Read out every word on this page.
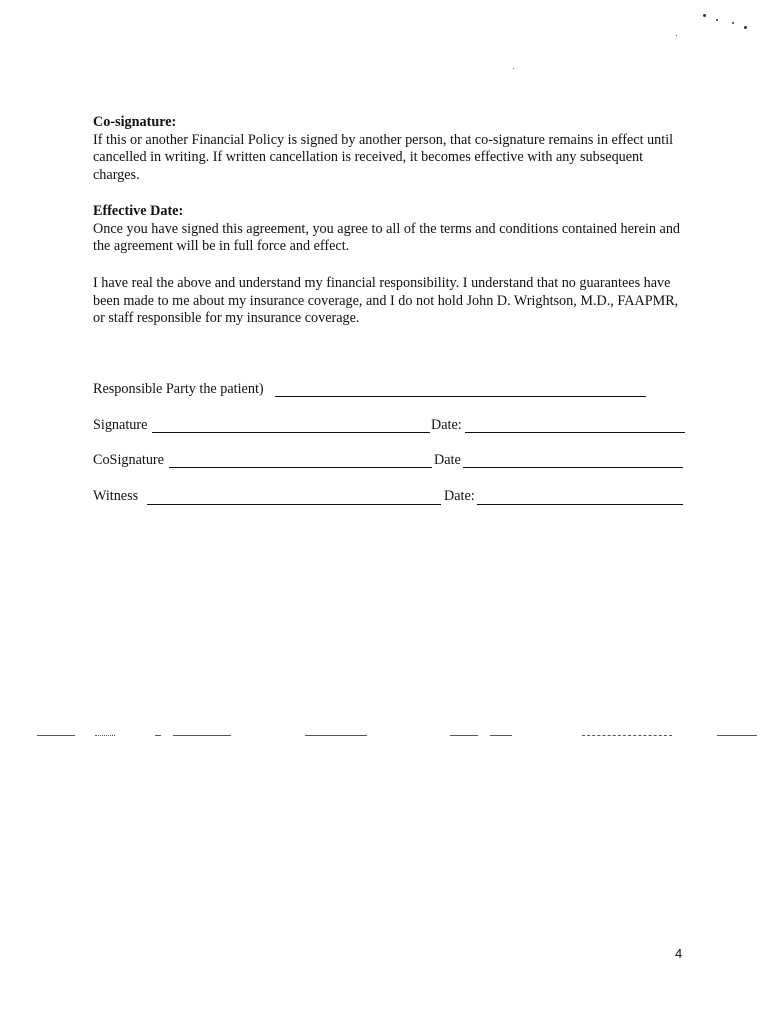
Co-signature:
If this or another Financial Policy is signed by another person, that co-signature remains in effect until cancelled in writing. If written cancellation is received, it becomes effective with any subsequent charges.
Effective Date:
Once you have signed this agreement, you agree to all of the terms and conditions contained herein and the agreement will be in full force and effect.
I have real the above and understand my financial responsibility. I understand that no guarantees have been made to me about my insurance coverage, and I do not hold John D. Wrightson, M.D., FAAPMR, or staff responsible for my insurance coverage.
Responsible Party the patient)
Signature	Date:
CoSignature	Date
Witness	Date:
4
